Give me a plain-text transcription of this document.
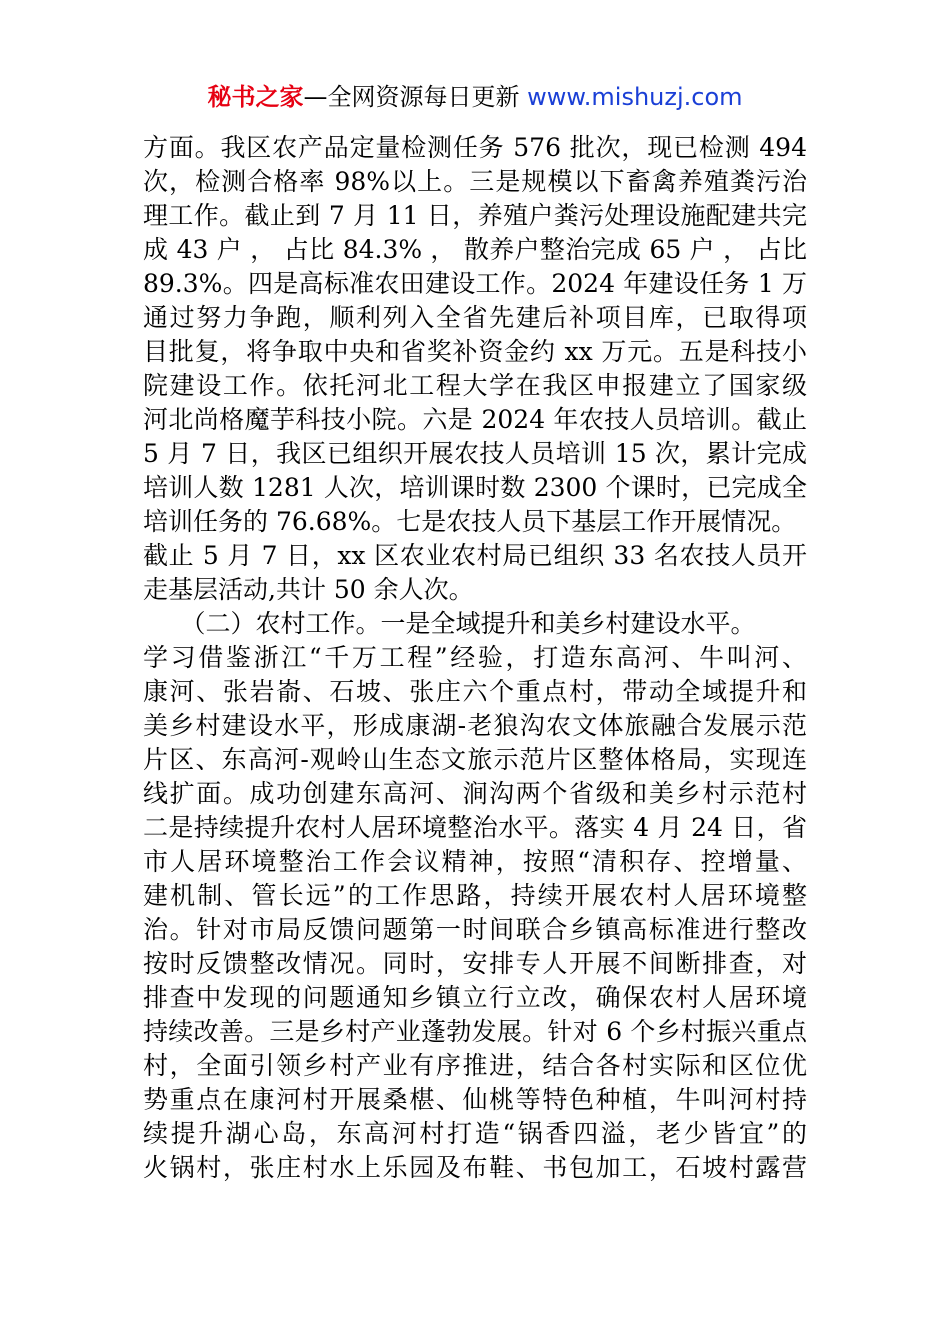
秘书之家—全网资源每日更新 www.mishuzj.com
方面。我区农产品定量检测任务 576 批次，现已检测 494
次，检测合格率 98%以上。三是规模以下畜禽养殖粪污治
理工作。截止到 7 月 11 日，养殖户粪污处理设施配建共完
成 43 户 ， 占比 84.3% ， 散养户整治完成 65 户 ， 占比
89.3%。四是高标准农田建设工作。2024 年建设任务 1 万
通过努力争跑，顺利列入全省先建后补项目库，已取得项
目批复，将争取中央和省奖补资金约 xx 万元。五是科技小
院建设工作。依托河北工程大学在我区申报建立了国家级
河北尚格魔芋科技小院。六是 2024 年农技人员培训。截止
5 月 7 日，我区已组织开展农技人员培训 15 次，累计完成
培训人数 1281 人次，培训课时数 2300 个课时，已完成全
培训任务的 76.68%。七是农技人员下基层工作开展情况。
截止 5 月 7 日，xx 区农业农村局已组织 33 名农技人员开
走基层活动,共计 50 余人次。
　　（二）农村工作。一是全域提升和美乡村建设水平。
学习借鉴浙江“千万工程”经验，打造东高河、牛叫河、
康河、张岩嵛、石坡、张庄六个重点村，带动全域提升和
美乡村建设水平，形成康湖-老狼沟农文体旅融合发展示范
片区、东高河-观岭山生态文旅示范片区整体格局，实现连
线扩面。成功创建东高河、涧沟两个省级和美乡村示范村
二是持续提升农村人居环境整治水平。落实 4 月 24 日，省
市人居环境整治工作会议精神，按照“清积存、控增量、
建机制、管长远”的工作思路，持续开展农村人居环境整
治。针对市局反馈问题第一时间联合乡镇高标准进行整改
按时反馈整改情况。同时，安排专人开展不间断排查，对
排查中发现的问题通知乡镇立行立改，确保农村人居环境
持续改善。三是乡村产业蓬勃发展。针对 6 个乡村振兴重点
村，全面引领乡村产业有序推进，结合各村实际和区位优
势重点在康河村开展桑椹、仙桃等特色种植，牛叫河村持
续提升湖心岛，东高河村打造“锅香四溢，老少皆宜”的
火锅村，张庄村水上乐园及布鞋、书包加工，石坡村露营
